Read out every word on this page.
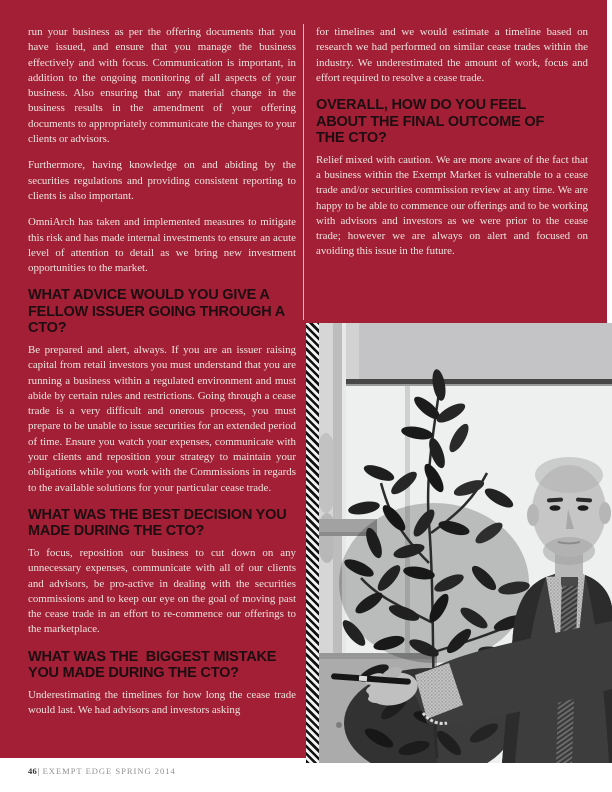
run your business as per the offering documents that you have issued, and ensure that you manage the business effectively and with focus. Communication is important, in addition to the ongoing monitoring of all aspects of your business. Also ensuring that any material change in the business results in the amendment of your offering documents to appropriately communicate the changes to your clients or advisors.

Furthermore, having knowledge on and abiding by the securities regulations and providing consistent reporting to clients is also important.

OmniArch has taken and implemented measures to mitigate this risk and has made internal investments to ensure an acute level of attention to detail as we bring new investment opportunities to the market.

WHAT ADVICE WOULD YOU GIVE A
FELLOW ISSUER GOING THROUGH A
CTO?

Be prepared and alert, always. If you are an issuer raising capital from retail investors you must understand that you are running a business within a regulated environment and must abide by certain rules and restrictions. Going through a cease trade is a very difficult and onerous process, you must prepare to be unable to issue securities for an extended period of time. Ensure you watch your expenses, communicate with your clients and reposition your strategy to maintain your obligations while you work with the Commissions in regards to the available solutions for your particular cease trade.

WHAT WAS THE BEST DECISION YOU
MADE DURING THE CTO?

To focus, reposition our business to cut down on any unnecessary expenses, communicate with all of our clients and advisors, be pro-active in dealing with the securities commissions and to keep our eye on the goal of moving past the cease trade in an effort to re-commence our offerings to the marketplace.

WHAT WAS THE  BIGGEST MISTAKE
YOU MADE DURING THE CTO?

Underestimating the timelines for how long the cease trade would last. We had advisors and investors asking

for timelines and we would estimate a timeline based on research we had performed on similar cease trades within the industry. We underestimated the amount of work, focus and effort required to resolve a cease trade.

OVERALL, HOW DO YOU FEEL
ABOUT THE FINAL OUTCOME OF
THE CTO?

Relief mixed with caution. We are more aware of the fact that a business within the Exempt Market is vulnerable to a cease trade and/or securities commission review at any time. We are happy to be able to commence our offerings and to be working with advisors and investors as we were prior to the cease trade; however we are always on alert and focused on avoiding this issue in the future.

46| EXEMPT EDGE SPRING 2014
